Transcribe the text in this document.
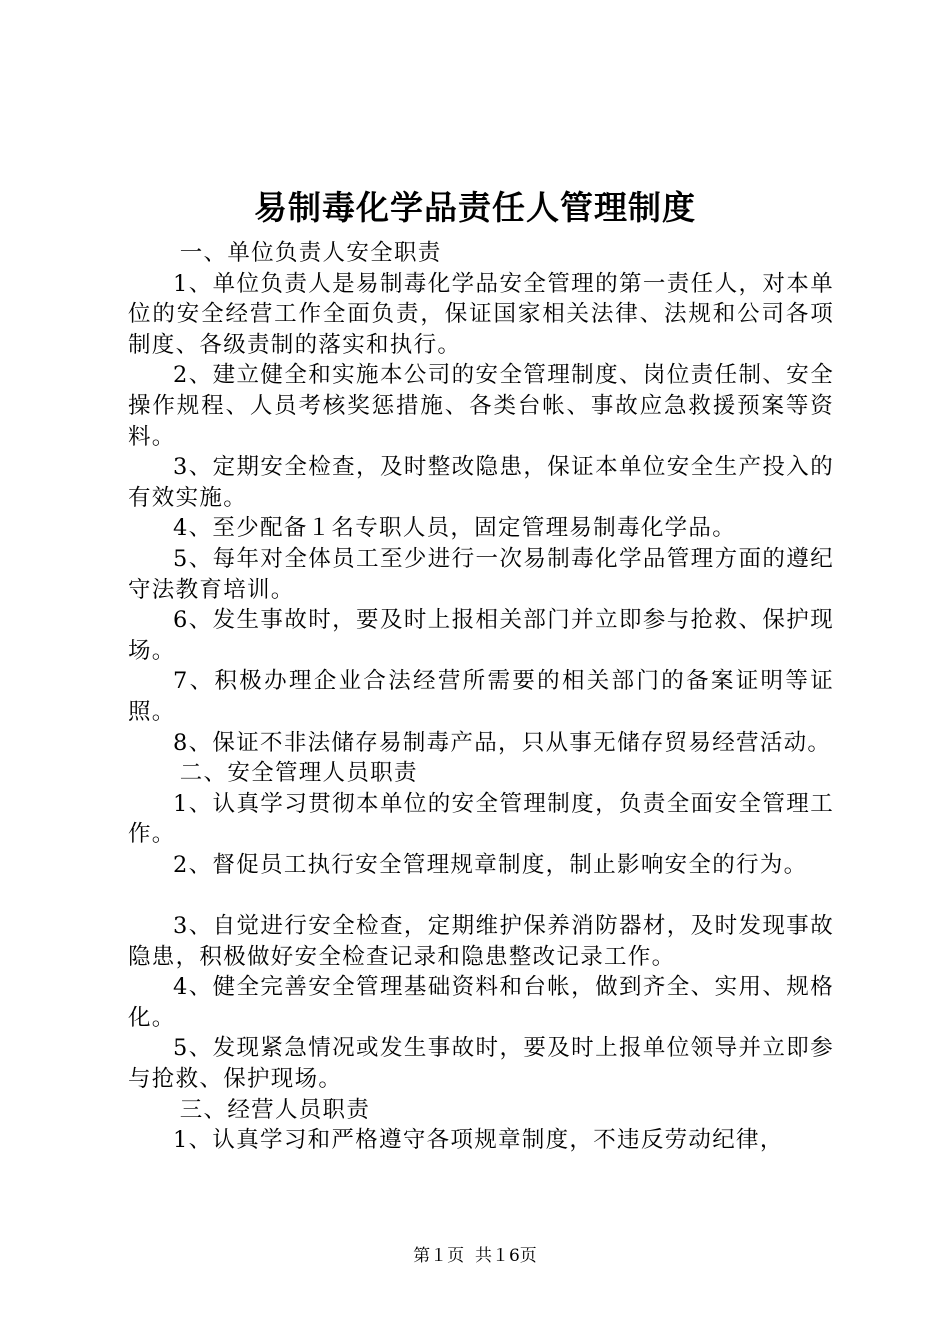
易制毒化学品责任人管理制度

一、单位负责人安全职责

1、单位负责人是易制毒化学品安全管理的第一责任人，对本单位的安全经营工作全面负责，保证国家相关法律、法规和公司各项制度、各级责制的落实和执行。

2、建立健全和实施本公司的安全管理制度、岗位责任制、安全操作规程、人员考核奖惩措施、各类台帐、事故应急救援预案等资料。

3、定期安全检查，及时整改隐患，保证本单位安全生产投入的有效实施。

4、至少配备１名专职人员，固定管理易制毒化学品。

5、每年对全体员工至少进行一次易制毒化学品管理方面的遵纪守法教育培训。

6、发生事故时，要及时上报相关部门并立即参与抢救、保护现场。

7、积极办理企业合法经营所需要的相关部门的备案证明等证照。

8、保证不非法储存易制毒产品，只从事无储存贸易经营活动。

二、安全管理人员职责

1、认真学习贯彻本单位的安全管理制度，负责全面安全管理工作。

2、督促员工执行安全管理规章制度，制止影响安全的行为。

3、自觉进行安全检查，定期维护保养消防器材，及时发现事故隐患，积极做好安全检查记录和隐患整改记录工作。

4、健全完善安全管理基础资料和台帐，做到齐全、实用、规格化。

5、发现紧急情况或发生事故时，要及时上报单位领导并立即参与抢救、保护现场。

三、经营人员职责

1、认真学习和严格遵守各项规章制度，不违反劳动纪律，

第１页 共１6页
